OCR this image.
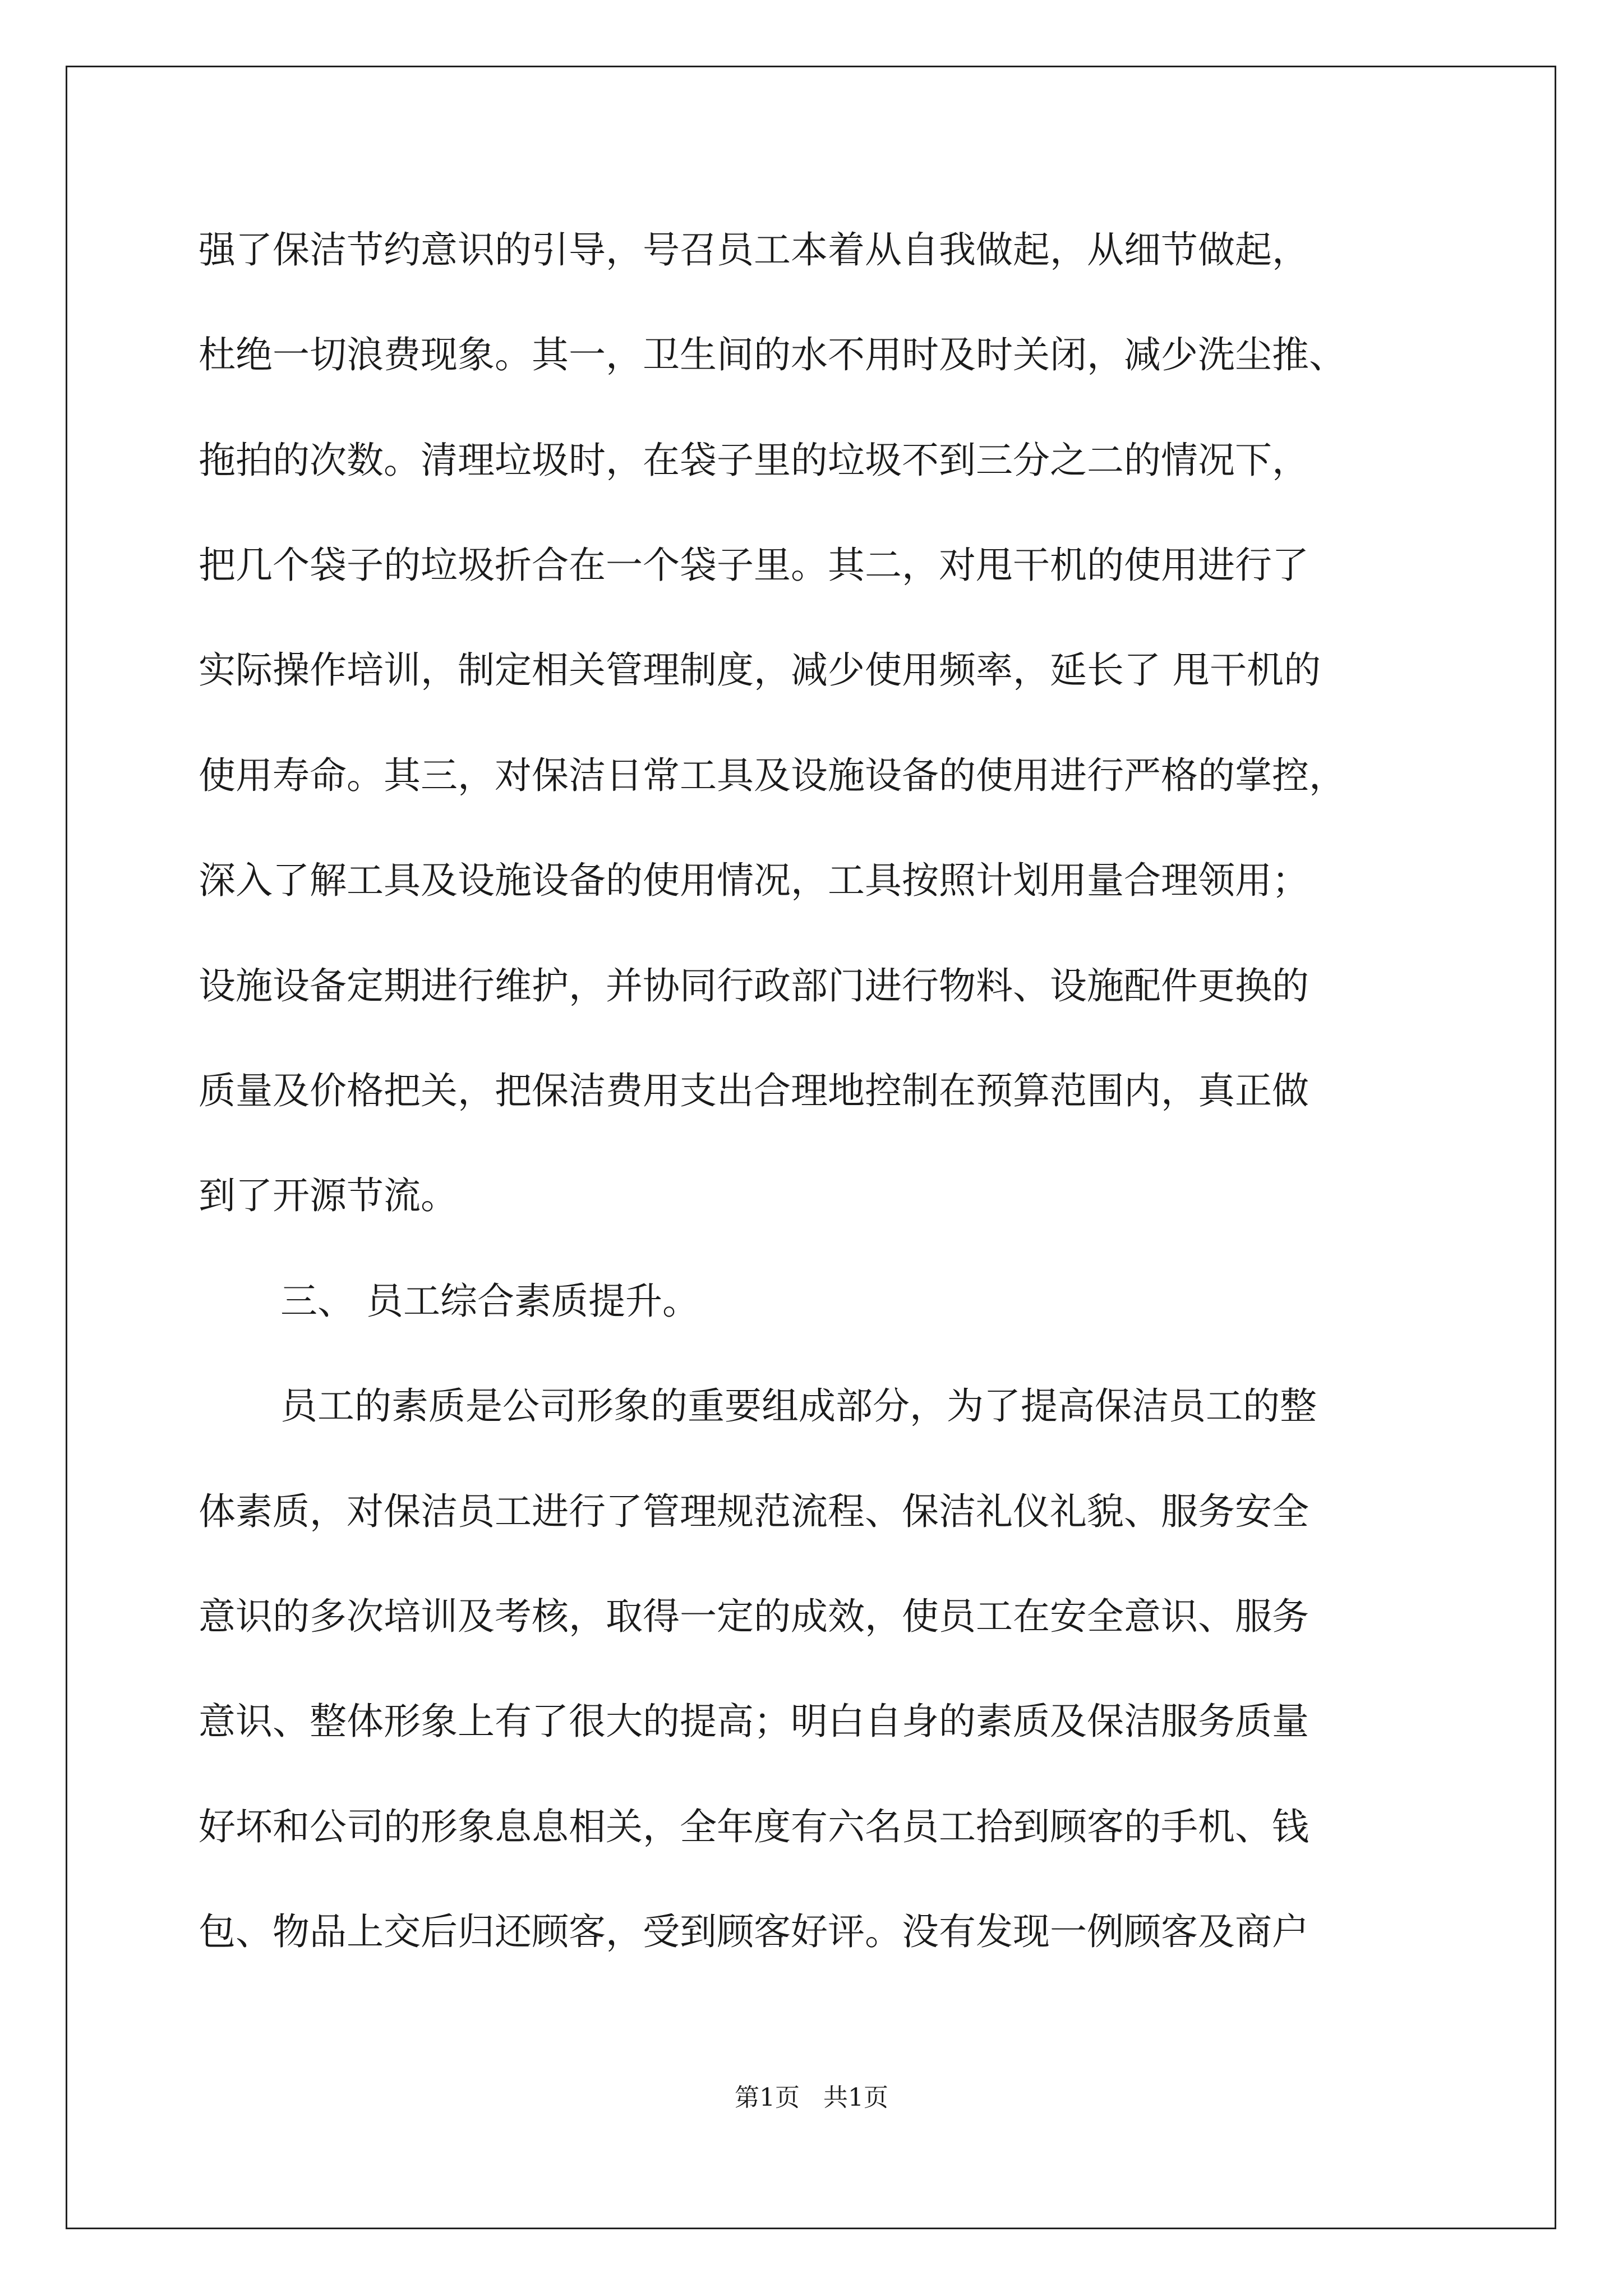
强了保洁节约意识的引导，号召员工本着从自我做起，从细节做起，
杜绝一切浪费现象。其一，卫生间的水不用时及时关闭，减少洗尘推、
拖拍的次数。清理垃圾时，在袋子里的垃圾不到三分之二的情况下，
把几个袋子的垃圾折合在一个袋子里。其二，对甩干机的使用进行了
实际操作培训，制定相关管理制度，减少使用频率，延长了 甩干机的
使用寿命。其三，对保洁日常工具及设施设备的使用进行严格的掌控，
深入了解工具及设施设备的使用情况，工具按照计划用量合理领用；
设施设备定期进行维护，并协同行政部门进行物料、设施配件更换的
质量及价格把关，把保洁费用支出合理地控制在预算范围内，真正做
到了开源节流。
三、 员工综合素质提升。
员工的素质是公司形象的重要组成部分，为了提高保洁员工的整
体素质，对保洁员工进行了管理规范流程、保洁礼仪礼貌、服务安全
意识的多次培训及考核，取得一定的成效，使员工在安全意识、服务
意识、整体形象上有了很大的提高；明白自身的素质及保洁服务质量
好坏和公司的形象息息相关，全年度有六名员工拾到顾客的手机、钱
包、物品上交后归还顾客，受到顾客好评。没有发现一例顾客及商户
第1页   共1页
